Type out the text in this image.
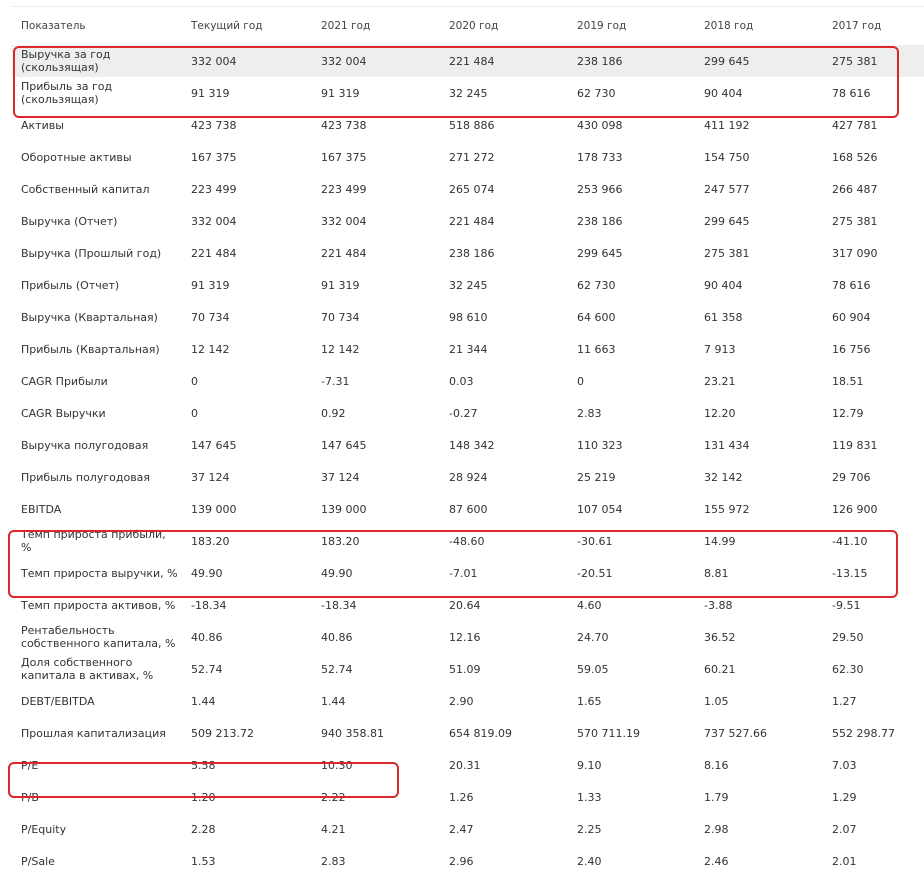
Показатель	Текущий год	2021 год	2020 год	2019 год	2018 год	2017 год
Выручка за год (скользящая)	332 004	332 004	221 484	238 186	299 645	275 381
Прибыль за год (скользящая)	91 319	91 319	32 245	62 730	90 404	78 616
Активы	423 738	423 738	518 886	430 098	411 192	427 781
Оборотные активы	167 375	167 375	271 272	178 733	154 750	168 526
Собственный капитал	223 499	223 499	265 074	253 966	247 577	266 487
Выручка (Отчет)	332 004	332 004	221 484	238 186	299 645	275 381
Выручка (Прошлый год)	221 484	221 484	238 186	299 645	275 381	317 090
Прибыль (Отчет)	91 319	91 319	32 245	62 730	90 404	78 616
Выручка (Квартальная)	70 734	70 734	98 610	64 600	61 358	60 904
Прибыль (Квартальная)	12 142	12 142	21 344	11 663	7 913	16 756
CAGR Прибыли	0	-7.31	0.03	0	23.21	18.51
CAGR Выручки	0	0.92	-0.27	2.83	12.20	12.79
Выручка полугодовая	147 645	147 645	148 342	110 323	131 434	119 831
Прибыль полугодовая	37 124	37 124	28 924	25 219	32 142	29 706
EBITDA	139 000	139 000	87 600	107 054	155 972	126 900
Темп прироста прибыли, %	183.20	183.20	-48.60	-30.61	14.99	-41.10
Темп прироста выручки, %	49.90	49.90	-7.01	-20.51	8.81	-13.15
Темп прироста активов, %	-18.34	-18.34	20.64	4.60	-3.88	-9.51
Рентабельность собственного капитала, %	40.86	40.86	12.16	24.70	36.52	29.50
Доля собственного капитала в активах, %	52.74	52.74	51.09	59.05	60.21	62.30
DEBT/EBITDA	1.44	1.44	2.90	1.65	1.05	1.27
Прошлая капитализация	509 213.72	940 358.81	654 819.09	570 711.19	737 527.66	552 298.77
P/E	5.58	10.30	20.31	9.10	8.16	7.03
P/B	1.20	2.22	1.26	1.33	1.79	1.29
P/Equity	2.28	4.21	2.47	2.25	2.98	2.07
P/Sale	1.53	2.83	2.96	2.40	2.46	2.01
